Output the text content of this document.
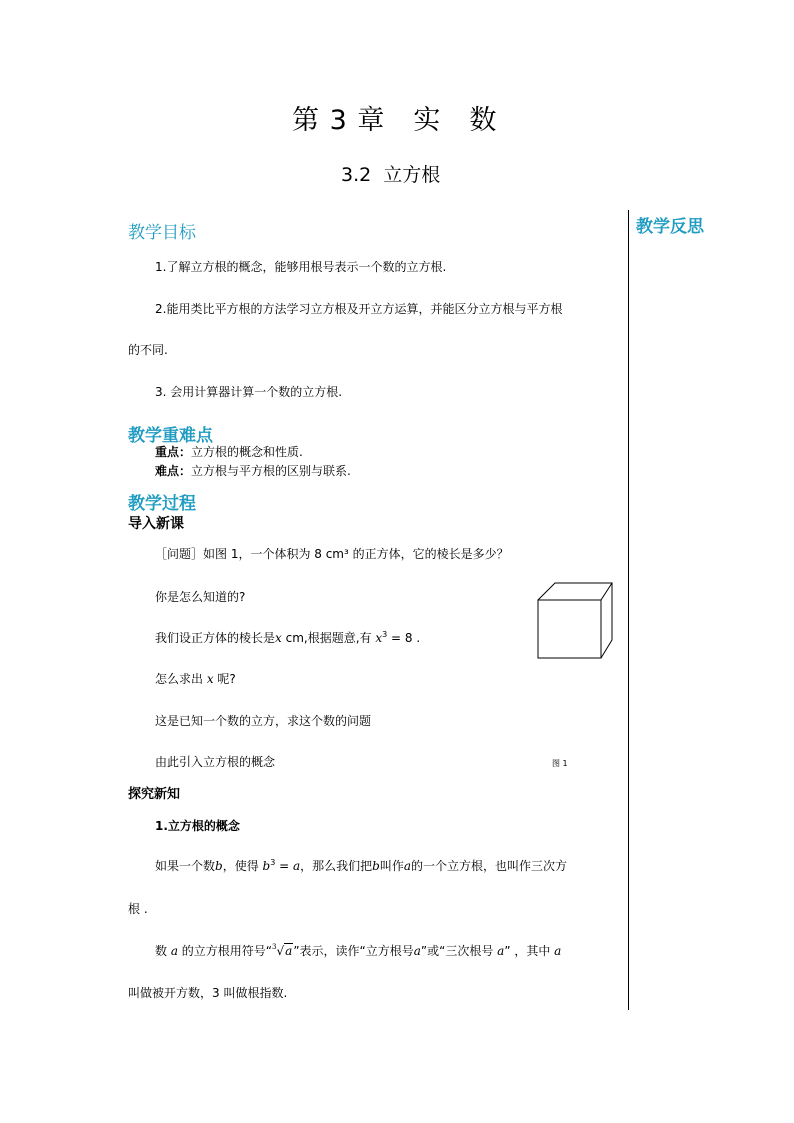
第 3 章 实 数
3.2 立方根
教学反思
教学目标
1.了解立方根的概念，能够用根号表示一个数的立方根.
2.能用类比平方根的方法学习立方根及开立方运算，并能区分立方根与平方根
的不同.
3. 会用计算器计算一个数的立方根.
教学重难点
重点：立方根的概念和性质.
难点：立方根与平方根的区别与联系.
教学过程
导入新课
［问题］如图 1，一个体积为 8 cm³ 的正方体，它的棱长是多少？
你是怎么知道的?
我们设正方体的棱长是x cm,根据题意,有 $x^3 = 8$ .
怎么求出 x 呢?
这是已知一个数的立方，求这个数的问题
由此引入立方根的概念	图 1
探究新知
1.立方根的概念
如果一个数b，使得 $b^3 = a$，那么我们把b叫作a的一个立方根，也叫作三次方
根 .
数 a 的立方根用符号“$^3$√a”表示，读作“立方根号a”或“三次根号 a” ，其中 a
叫做被开方数，3 叫做根指数.
